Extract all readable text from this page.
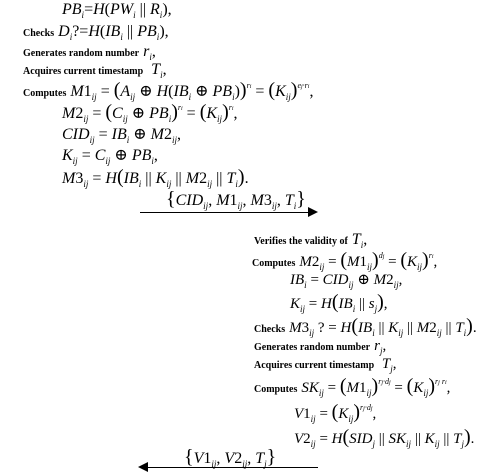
$PB_i=H(PW_i$ || $R_i$),
Checks $D_i?=H(IB_i$ || $PB_i$),
Generates random number $r_i$,
Acquires current timestamp  $T_i$,
Computes $M1_{ij} = (A_{ij}$ ⊕ $H(IB_i$ ⊕ $PB_i))^{ri} = (K_{ij})^{ej\cdot ri}$,
$M2_{ij} = (C_{ij}$ ⊕ $PB_i)^{ri} = (K_{ij})^{ri}$,
$CID_{ij} = IB_i$ ⊕ $M2_{ij}$,
$K_{ij} = C_{ij}$ ⊕ $PB_i$,
$M3_{ij} = H(IB_i$ || $K_{ij}$ || $M2_{ij}$ || $T_i$).
{$CID_{ij}$, $M1_{ij}$, $M3_{ij}$, $T_i$}
Verifies the validity of $T_i$,
Computes $M2_{ij} = (M1_{ij})^{dj} = (K_{ij})^{ri}$,
$IB_i = CID_{ij}$ ⊕ $M2_{ij}$,
$K_{ij} = H(IB_i$ || $s_j$),
Checks $M3_{ij}$ ? = $H(IB_i$ || $K_{ij}$ || $M2_{ij}$ || $T_i$).
Generates random number $r_j$,
Acquires current timestamp  $T_j$,
Computes $SK_{ij} = (M1_{ij})^{rj\cdot dj} = (K_{ij})^{rj ri}$,
$V1_{ij} = (K_{ij})^{rj\cdot dj}$,
$V2_{ij} = H(SID_j$ || $SK_{ij}$ || $K_{ij}$ || $T_j$).
{$V1_{ij}$, $V2_{ij}$, $T_j$}
